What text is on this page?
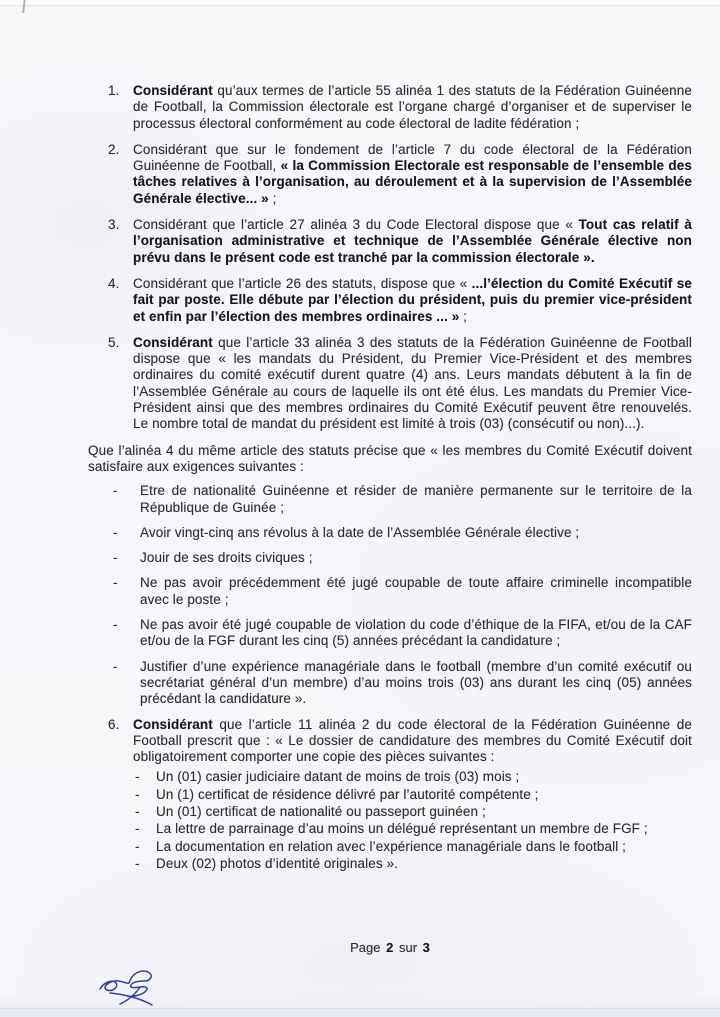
1. Considérant qu’aux termes de l’article 55 alinéa 1 des statuts de la Fédération Guinéenne de Football, la Commission électorale est l’organe chargé d’organiser et de superviser le processus électoral conformément au code électoral de ladite fédération ;
2. Considérant que sur le fondement de l’article 7 du code électoral de la Fédération Guinéenne de Football, « la Commission Electorale est responsable de l’ensemble des tâches relatives à l’organisation, au déroulement et à la supervision de l’Assemblée Générale élective... » ;
3. Considérant que l’article 27 alinéa 3 du Code Electoral dispose que « Tout cas relatif à l’organisation administrative et technique de l’Assemblée Générale élective non prévu dans le présent code est tranché par la commission électorale ».
4. Considérant que l’article 26 des statuts, dispose que « ...l’élection du Comité Exécutif se fait par poste. Elle débute par l’élection du président, puis du premier vice-président et enfin par l’élection des membres ordinaires ... » ;
5. Considérant que l’article 33 alinéa 3 des statuts de la Fédération Guinéenne de Football dispose que « les mandats du Président, du Premier Vice-Président et des membres ordinaires du comité exécutif durent quatre (4) ans. Leurs mandats débutent à la fin de l’Assemblée Générale au cours de laquelle ils ont été élus. Les mandats du Premier Vice-Président ainsi que des membres ordinaires du Comité Exécutif peuvent être renouvelés. Le nombre total de mandat du président est limité à trois (03) (consécutif ou non)...).
Que l’alinéa 4 du même article des statuts précise que « les membres du Comité Exécutif doivent satisfaire aux exigences suivantes :
- Etre de nationalité Guinéenne et résider de manière permanente sur le territoire de la République de Guinée ;
- Avoir vingt-cinq ans révolus à la date de l’Assemblée Générale élective ;
- Jouir de ses droits civiques ;
- Ne pas avoir précédemment été jugé coupable de toute affaire criminelle incompatible avec le poste ;
- Ne pas avoir été jugé coupable de violation du code d’éthique de la FIFA, et/ou de la CAF et/ou de la FGF durant les cinq (5) années précédant la candidature ;
- Justifier d’une expérience managériale dans le football (membre d’un comité exécutif ou secrétariat général d’un membre) d’au moins trois (03) ans durant les cinq (05) années précédant la candidature ».
6. Considérant que l’article 11 alinéa 2 du code électoral de la Fédération Guinéenne de Football prescrit que : « Le dossier de candidature des membres du Comité Exécutif doit obligatoirement comporter une copie des pièces suivantes :
- Un (01) casier judiciaire datant de moins de trois (03) mois ;
- Un (1) certificat de résidence délivré par l’autorité compétente ;
- Un (01) certificat de nationalité ou passeport guinéen ;
- La lettre de parrainage d’au moins un délégué représentant un membre de FGF ;
- La documentation en relation avec l’expérience managériale dans le football ;
- Deux (02) photos d’identité originales ».
Page 2 sur 3
